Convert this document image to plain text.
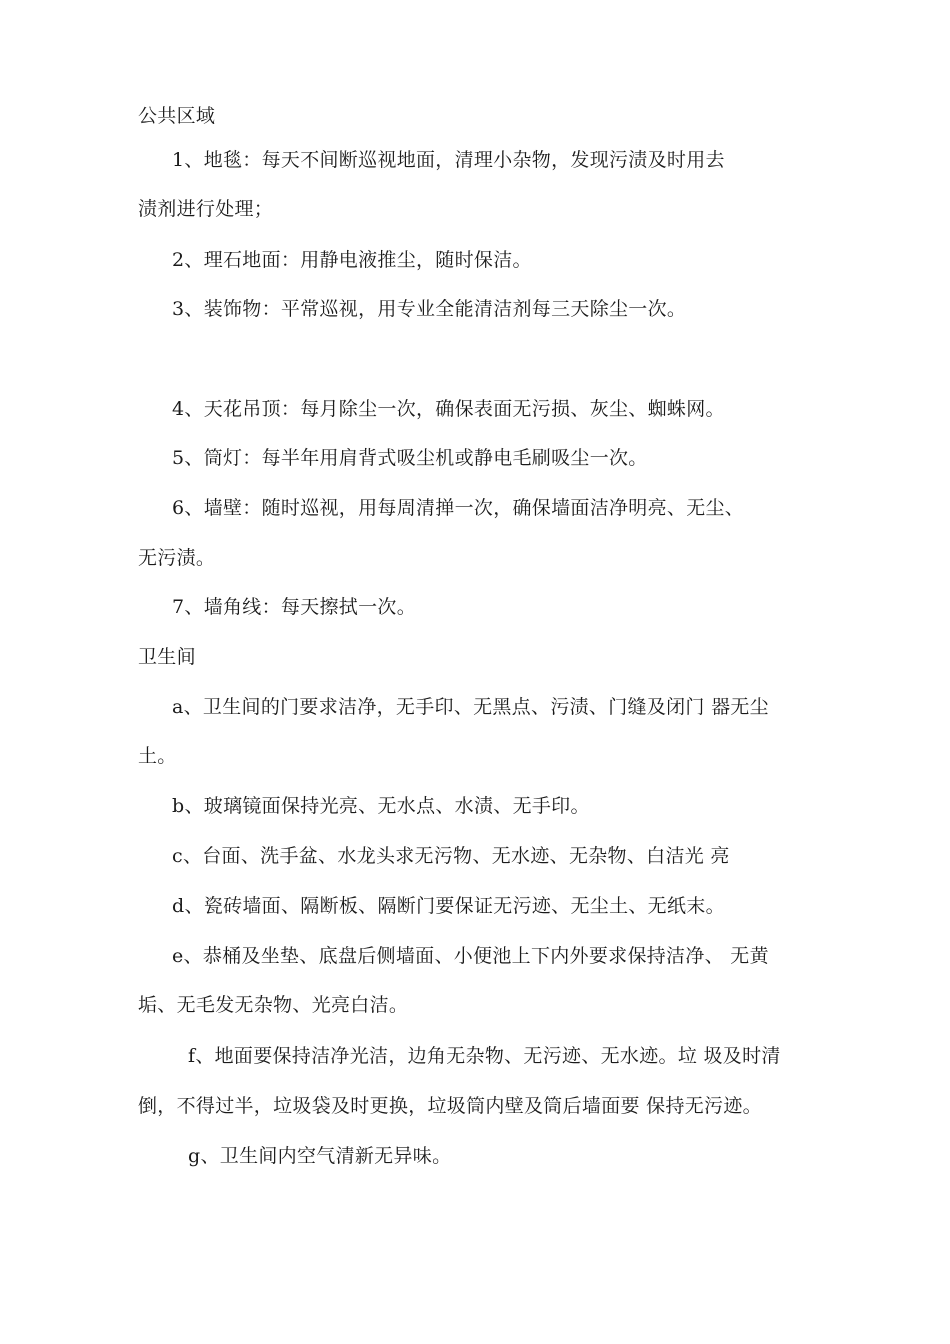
公共区域
1、地毯：每天不间断巡视地面，清理小杂物，发现污渍及时用去
渍剂进行处理；
2、理石地面：用静电液推尘，随时保洁。
3、装饰物：平常巡视，用专业全能清洁剂每三天除尘一次。
4、天花吊顶：每月除尘一次，确保表面无污损、灰尘、蜘蛛网。
5、筒灯：每半年用肩背式吸尘机或静电毛刷吸尘一次。
6、墙壁：随时巡视，用每周清掸一次，确保墙面洁净明亮、无尘、
无污渍。
7、墙角线：每天擦拭一次。
卫生间
a、卫生间的门要求洁净，无手印、无黑点、污渍、门缝及闭门 器无尘
土。
b、玻璃镜面保持光亮、无水点、水渍、无手印。
c、台面、洗手盆、水龙头求无污物、无水迹、无杂物、白洁光 亮
d、瓷砖墙面、隔断板、隔断门要保证无污迹、无尘土、无纸末。
e、恭桶及坐垫、底盘后侧墙面、小便池上下内外要求保持洁净、 无黄
垢、无毛发无杂物、光亮白洁。
f、地面要保持洁净光洁，边角无杂物、无污迹、无水迹。垃 圾及时清
倒，不得过半，垃圾袋及时更换，垃圾筒内壁及筒后墙面要 保持无污迹。
g、卫生间内空气清新无异味。
